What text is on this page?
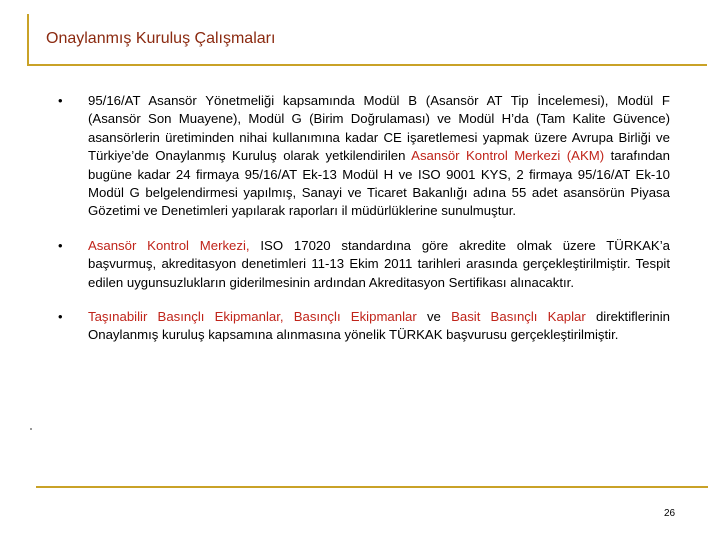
Onaylanmış Kuruluş Çalışmaları
•	95/16/AT Asansör Yönetmeliği kapsamında Modül B (Asansör AT Tip İncelemesi), Modül F (Asansör Son Muayene), Modül G (Birim Doğrulaması) ve Modül H’da (Tam Kalite Güvence) asansörlerin üretiminden nihai kullanımına kadar CE işaretlemesi yapmak üzere Avrupa Birliği ve Türkiye’de Onaylanmış Kuruluş olarak yetkilendirilen Asansör Kontrol Merkezi (AKM) tarafından bugüne kadar 24 firmaya 95/16/AT Ek-13 Modül H ve ISO 9001 KYS, 2 firmaya 95/16/AT Ek-10 Modül G belgelendirmesi yapılmış, Sanayi ve Ticaret Bakanlığı adına 55 adet asansörün Piyasa Gözetimi ve Denetimleri yapılarak raporları il müdürlüklerine sunulmuştur.
•	Asansör Kontrol Merkezi, ISO 17020 standardına göre akredite olmak üzere TÜRKAK’a başvurmuş, akreditasyon denetimleri 11-13 Ekim 2011 tarihleri arasında gerçekleştirilmiştir. Tespit edilen uygunsuzlukların giderilmesinin ardından Akreditasyon Sertifikası alınacaktır.
•	Taşınabilir Basınçlı Ekipmanlar, Basınçlı Ekipmanlar ve Basit Basınçlı Kaplar direktiflerinin Onaylanmış kuruluş kapsamına alınmasına yönelik TÜRKAK başvurusu gerçekleştirilmiştir.
26
